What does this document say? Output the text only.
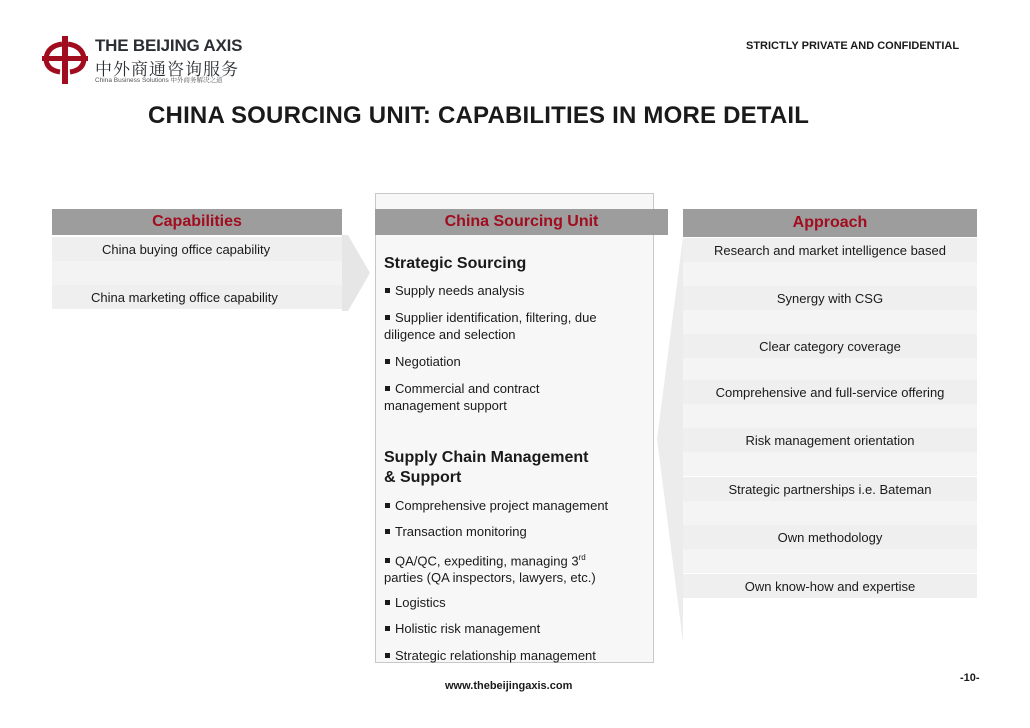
THE BEIJING AXIS
中外商通咨询服务
China Business Solutions 中外商务解决之道
STRICTLY PRIVATE AND CONFIDENTIAL
CHINA SOURCING UNIT: CAPABILITIES IN MORE DETAIL
Capabilities
China buying office capability
China marketing office capability
China Sourcing Unit
Strategic Sourcing
Supply needs analysis
Supplier identification, filtering, due diligence and selection
Negotiation
Commercial and contract management support
Supply Chain Management
& Support
Comprehensive project management
Transaction monitoring
QA/QC, expediting, managing 3rd
parties (QA inspectors, lawyers, etc.)
Logistics
Holistic risk management
Strategic relationship management
Approach
Research and market intelligence based
Synergy with CSG
Clear category coverage
Comprehensive and full-service offering
Risk management orientation
Strategic partnerships i.e. Bateman
Own methodology
Own know-how and expertise
www.thebeijingaxis.com
-10-
